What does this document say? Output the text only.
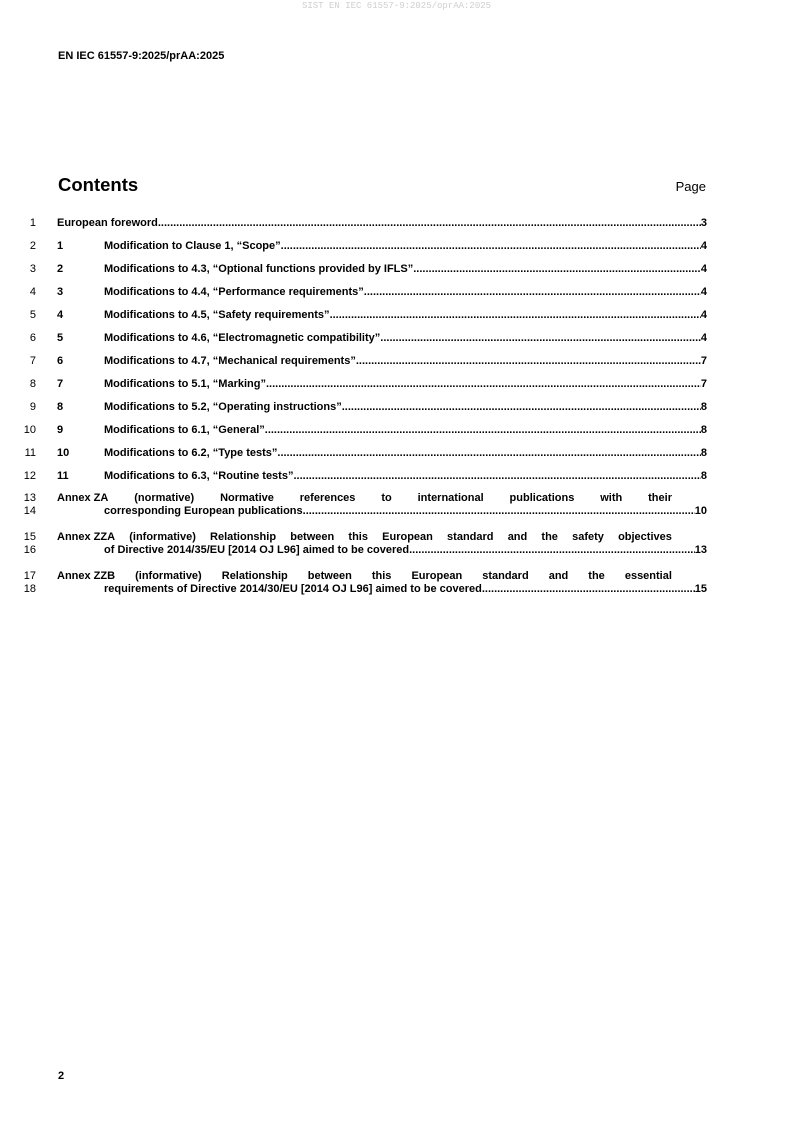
SIST EN IEC 61557-9:2025/oprAA:2025
EN IEC 61557-9:2025/prAA:2025
Contents	Page
1 European foreword .....	3
2 1	Modification to Clause 1, “Scope” .....	4
3 2	Modifications to 4.3, “Optional functions provided by IFLS” .....	4
4 3	Modifications to 4.4, “Performance requirements” .....	4
5 4	Modifications to 4.5, “Safety requirements” .....	4
6 5	Modifications to 4.6, “Electromagnetic compatibility” .....	4
7 6	Modifications to 4.7, “Mechanical requirements” .....	7
8 7	Modifications to 5.1, “Marking” .....	7
9 8	Modifications to 5.2, “Operating instructions” .....	8
10 9	Modifications to 6.1, “General” .....	8
11 10	Modifications to 6.2, “Type tests” .....	8
12 11	Modifications to 6.3, “Routine tests” .....	8
13
14
Annex ZA (normative) Normative references to international publications with their
corresponding European publications .....	10
15
16
Annex ZZA (informative) Relationship between this European standard and the safety objectives
of Directive 2014/35/EU [2014 OJ L96] aimed to be covered .....	13
17
18
Annex ZZB (informative) Relationship between this European standard and the essential
requirements of Directive 2014/30/EU [2014 OJ L96] aimed to be covered .....	15
2
